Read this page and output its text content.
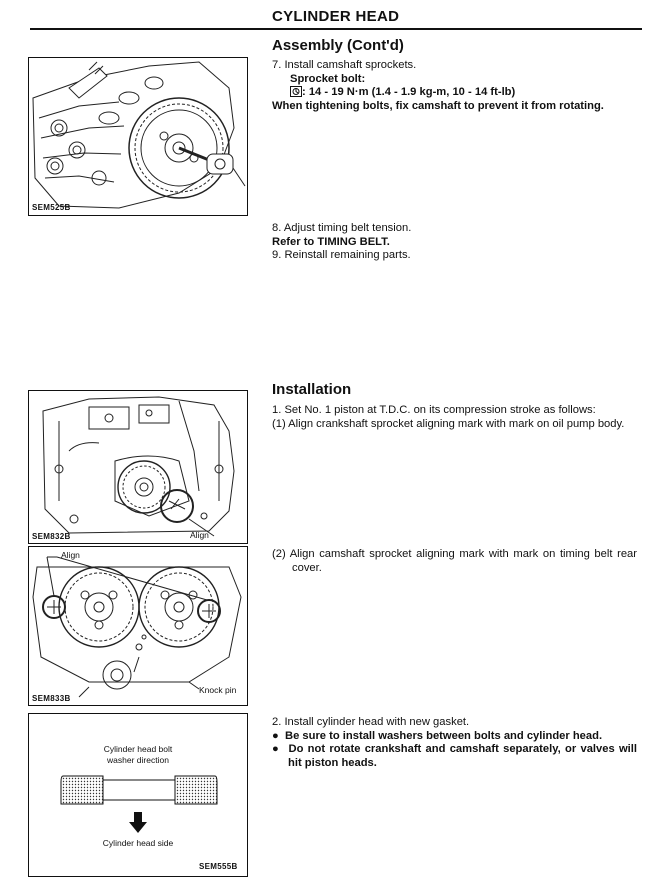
CYLINDER HEAD
SEM525B
Assembly (Cont'd)
7. Install camshaft sprockets.
Sprocket bolt:
: 14 - 19 N·m (1.4 - 1.9 kg-m, 10 - 14 ft-lb)
When tightening bolts, fix camshaft to prevent it from rotating.
8. Adjust timing belt tension.
Refer to TIMING BELT.
9. Reinstall remaining parts.
SEM832B	Align
Align
Knock pin
SEM833B
Installation
1. Set No. 1 piston at T.D.C. on its compression stroke as follows:
(1) Align crankshaft sprocket aligning mark with mark on oil pump body.
(2) Align camshaft sprocket aligning mark with mark on timing belt rear cover.
Cylinder head bolt
washer direction
Cylinder head side
SEM555B
2. Install cylinder head with new gasket.
●  Be sure to install washers between bolts and cylinder head.
●  Do not rotate crankshaft and camshaft separately, or valves will hit piston heads.
